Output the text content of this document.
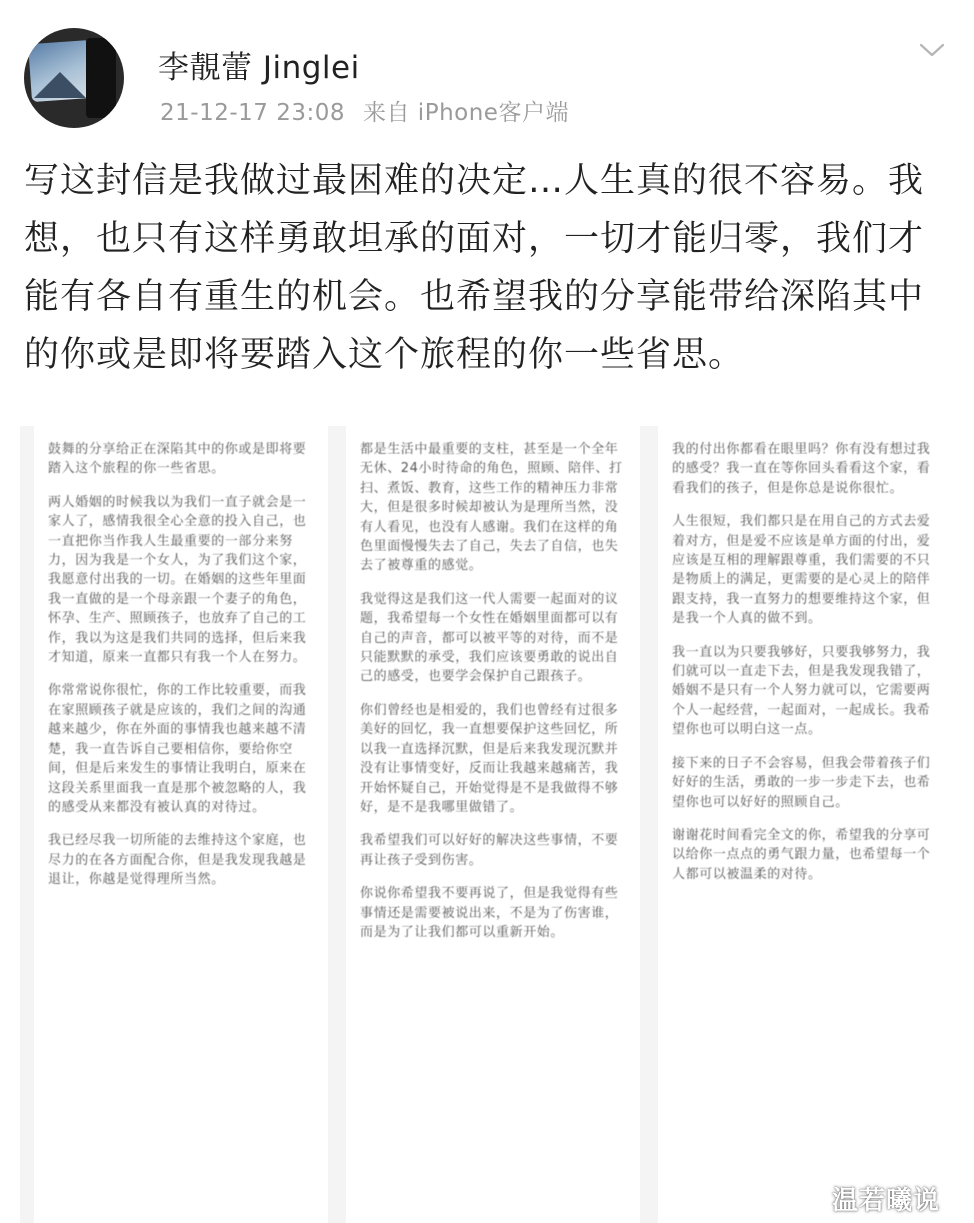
李靚蕾 Jinglei
21-12-17 23:08 来自 iPhone客户端
写这封信是我做过最困难的决定…人生真的很不容易。我想，也只有这样勇敢坦承的面对，一切才能归零，我们才能有各自有重生的机会。也希望我的分享能带给深陷其中的你或是即将要踏入这个旅程的你一些省思。

鼓舞的分享给正在深陷其中的你或是即将要踏入这个旅程的你一些省思。

两人婚姻的时候我以为我们一直子就会是一家人了，感情我很全心全意的投入自己，也一直把你当作我人生最重要的一部分来努力，因为我是一个女人，为了我们这个家，我愿意付出我的一切。在婚姻的这些年里面我一直做的是一个母亲跟一个妻子的角色，怀孕、生产、照顾孩子，也放弃了自己的工作，我以为这是我们共同的选择，但后来我才知道，原来一直都只有我一个人在努力。

你常常说你很忙，你的工作比较重要，而我在家照顾孩子就是应该的，我们之间的沟通越来越少，你在外面的事情我也越来越不清楚，我一直告诉自己要相信你，要给你空间，但是后来发生的事情让我明白，原来在这段关系里面我一直是那个被忽略的人，我的感受从来都没有被认真的对待过。

我已经尽我一切所能的去维持这个家庭，也尽力的在各方面配合你，但是我发现我越是退让，你越是觉得理所当然。

都是生活中最重要的支柱，甚至是一个全年无休、24小时待命的角色，照顾、陪伴、打扫、煮饭、教育，这些工作的精神压力非常大，但是很多时候却被认为是理所当然，没有人看见，也没有人感谢。我们在这样的角色里面慢慢失去了自己，失去了自信，也失去了被尊重的感觉。

我觉得这是我们这一代人需要一起面对的议题，我希望每一个女性在婚姻里面都可以有自己的声音，都可以被平等的对待，而不是只能默默的承受，我们应该要勇敢的说出自己的感受，也要学会保护自己跟孩子。

你们曾经也是相爱的，我们也曾经有过很多美好的回忆，我一直想要保护这些回忆，所以我一直选择沉默，但是后来我发现沉默并没有让事情变好，反而让我越来越痛苦，我开始怀疑自己，开始觉得是不是我做得不够好，是不是我哪里做错了。

我希望我们可以好好的解决这些事情，不要再让孩子受到伤害。

你说你希望我不要再说了，但是我觉得有些事情还是需要被说出来，不是为了伤害谁，而是为了让我们都可以重新开始。

我的付出你都看在眼里吗？你有没有想过我的感受？我一直在等你回头看看这个家，看看我们的孩子，但是你总是说你很忙。

人生很短，我们都只是在用自己的方式去爱着对方，但是爱不应该是单方面的付出，爱应该是互相的理解跟尊重，我们需要的不只是物质上的满足，更需要的是心灵上的陪伴跟支持，我一直努力的想要维持这个家，但是我一个人真的做不到。

我一直以为只要我够好，只要我够努力，我们就可以一直走下去，但是我发现我错了，婚姻不是只有一个人努力就可以，它需要两个人一起经营，一起面对，一起成长。我希望你也可以明白这一点。

接下来的日子不会容易，但我会带着孩子们好好的生活，勇敢的一步一步走下去，也希望你也可以好好的照顾自己。

谢谢花时间看完全文的你，希望我的分享可以给你一点点的勇气跟力量，也希望每一个人都可以被温柔的对待。

温若曦说
